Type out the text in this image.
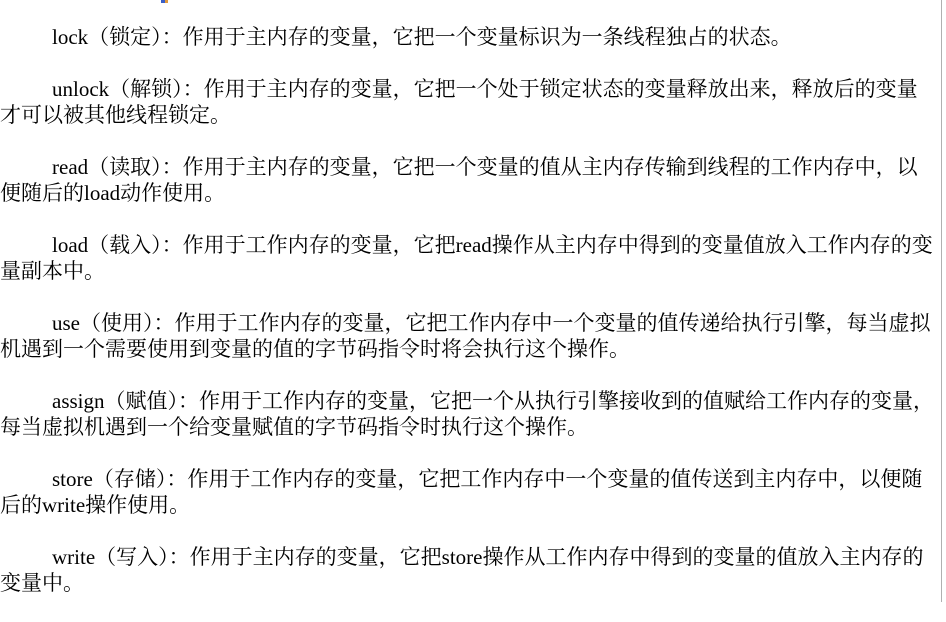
lock（锁定）：作用于主内存的变量，它把一个变量标识为一条线程独占的状态。

unlock（解锁）：作用于主内存的变量，它把一个处于锁定状态的变量释放出来，释放后的变量才可以被其他线程锁定。

read（读取）：作用于主内存的变量，它把一个变量的值从主内存传输到线程的工作内存中，以便随后的load动作使用。

load（载入）：作用于工作内存的变量，它把read操作从主内存中得到的变量值放入工作内存的变量副本中。

use（使用）：作用于工作内存的变量，它把工作内存中一个变量的值传递给执行引擎，每当虚拟机遇到一个需要使用到变量的值的字节码指令时将会执行这个操作。

assign（赋值）：作用于工作内存的变量，它把一个从执行引擎接收到的值赋给工作内存的变量，每当虚拟机遇到一个给变量赋值的字节码指令时执行这个操作。

store（存储）：作用于工作内存的变量，它把工作内存中一个变量的值传送到主内存中，以便随后的write操作使用。

write（写入）：作用于主内存的变量，它把store操作从工作内存中得到的变量的值放入主内存的变量中。
